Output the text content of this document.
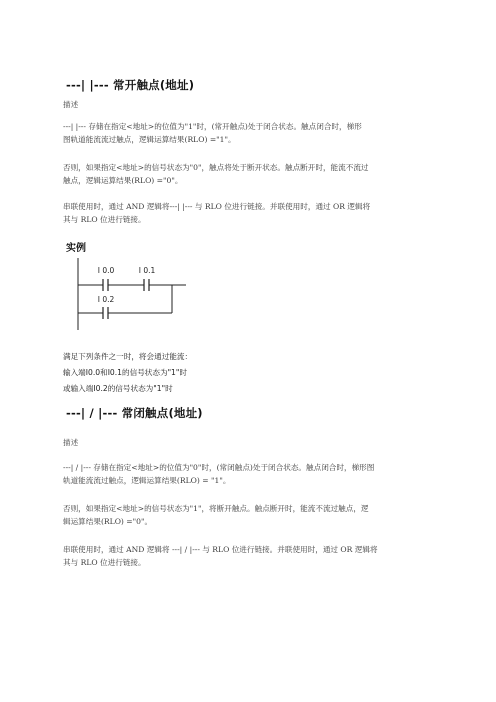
---| |--- 常开触点(地址)
描述
---| |--- 存储在指定<地址>的位值为"1"时，(常开触点)处于闭合状态。触点闭合时，梯形
图轨道能流流过触点，逻辑运算结果(RLO) ="1"。
否则，如果指定<地址>的信号状态为"0"，触点将处于断开状态。触点断开时，能流不流过
触点，逻辑运算结果(RLO) ="0"。
串联使用时，通过 AND 逻辑将---| |--- 与 RLO 位进行链接。并联使用时，通过 OR 逻辑将
其与 RLO 位进行链接。
实例
I 0.0	I 0.1
I 0.2
满足下列条件之一时，将会通过能流：
输入端I0.0和I0.1的信号状态为"1"时
或输入端I0.2的信号状态为"1"时
---| / |--- 常闭触点(地址)
描述
---| / |--- 存储在指定<地址>的位值为"0"时，(常闭触点)处于闭合状态。触点闭合时，梯形图
轨道能流流过触点，逻辑运算结果(RLO) = "1"。
否则，如果指定<地址>的信号状态为"1"，将断开触点。触点断开时，能流不流过触点，逻
辑运算结果(RLO) ="0"。
串联使用时，通过 AND 逻辑将 ---| / |--- 与 RLO 位进行链接。并联使用时，通过 OR 逻辑将
其与 RLO 位进行链接。
